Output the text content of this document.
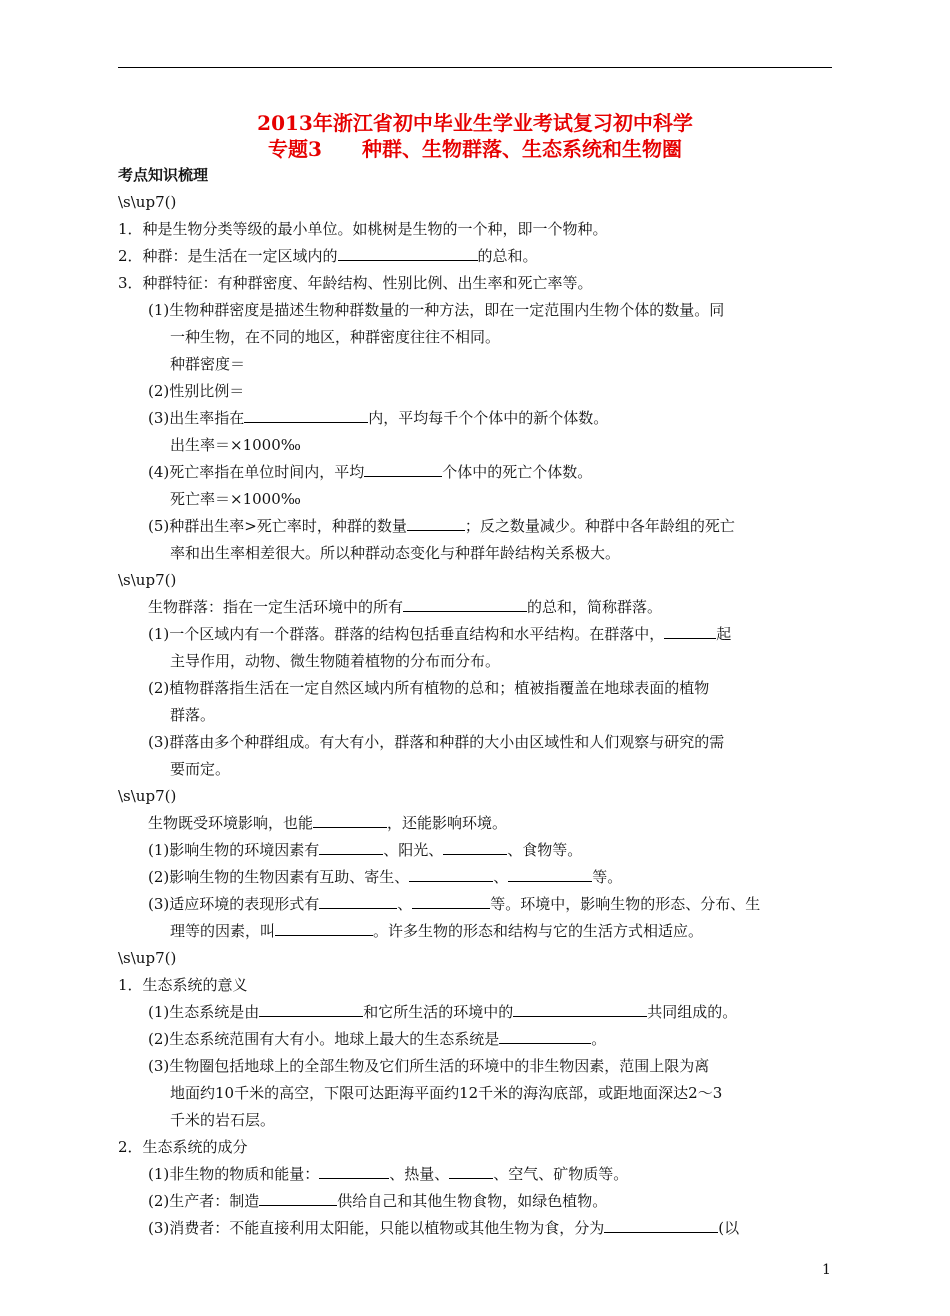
2013年浙江省初中毕业生学业考试复习初中科学
专题3　　种群、生物群落、生态系统和生物圈
考点知识梳理
\s\up7()
1．种是生物分类等级的最小单位。如桃树是生物的一个种，即一个物种。
2．种群：是生活在一定区域内的	的总和。
3．种群特征：有种群密度、年龄结构、性别比例、出生率和死亡率等。
(1)生物种群密度是描述生物种群数量的一种方法，即在一定范围内生物个体的数量。同
一种生物，在不同的地区，种群密度往往不相同。
种群密度＝
(2)性别比例＝
(3)出生率指在	内，平均每千个个体中的新个体数。
出生率＝×1000‰
(4)死亡率指在单位时间内，平均	个体中的死亡个体数。
死亡率＝×1000‰
(5)种群出生率>死亡率时，种群的数量	；反之数量减少。种群中各年龄组的死亡
率和出生率相差很大。所以种群动态变化与种群年龄结构关系极大。
\s\up7()
生物群落：指在一定生活环境中的所有	的总和，简称群落。
(1)一个区域内有一个群落。群落的结构包括垂直结构和水平结构。在群落中，	起
主导作用，动物、微生物随着植物的分布而分布。
(2)植物群落指生活在一定自然区域内所有植物的总和；植被指覆盖在地球表面的植物
群落。
(3)群落由多个种群组成。有大有小，群落和种群的大小由区域性和人们观察与研究的需
要而定。
\s\up7()
生物既受环境影响，也能	，还能影响环境。
(1)影响生物的环境因素有	、阳光、	、食物等。
(2)影响生物的生物因素有互助、寄生、	、	等。
(3)适应环境的表现形式有	、	等。环境中，影响生物的形态、分布、生
理等的因素，叫	。许多生物的形态和结构与它的生活方式相适应。
\s\up7()
1．生态系统的意义
(1)生态系统是由	和它所生活的环境中的	共同组成的。
(2)生态系统范围有大有小。地球上最大的生态系统是	。
(3)生物圈包括地球上的全部生物及它们所生活的环境中的非生物因素，范围上限为离
地面约10千米的高空，下限可达距海平面约12千米的海沟底部，或距地面深达2～3
千米的岩石层。
2．生态系统的成分
(1)非生物的物质和能量：	、热量、	、空气、矿物质等。
(2)生产者：制造	供给自己和其他生物食物，如绿色植物。
(3)消费者：不能直接利用太阳能，只能以植物或其他生物为食，分为	(以
1
